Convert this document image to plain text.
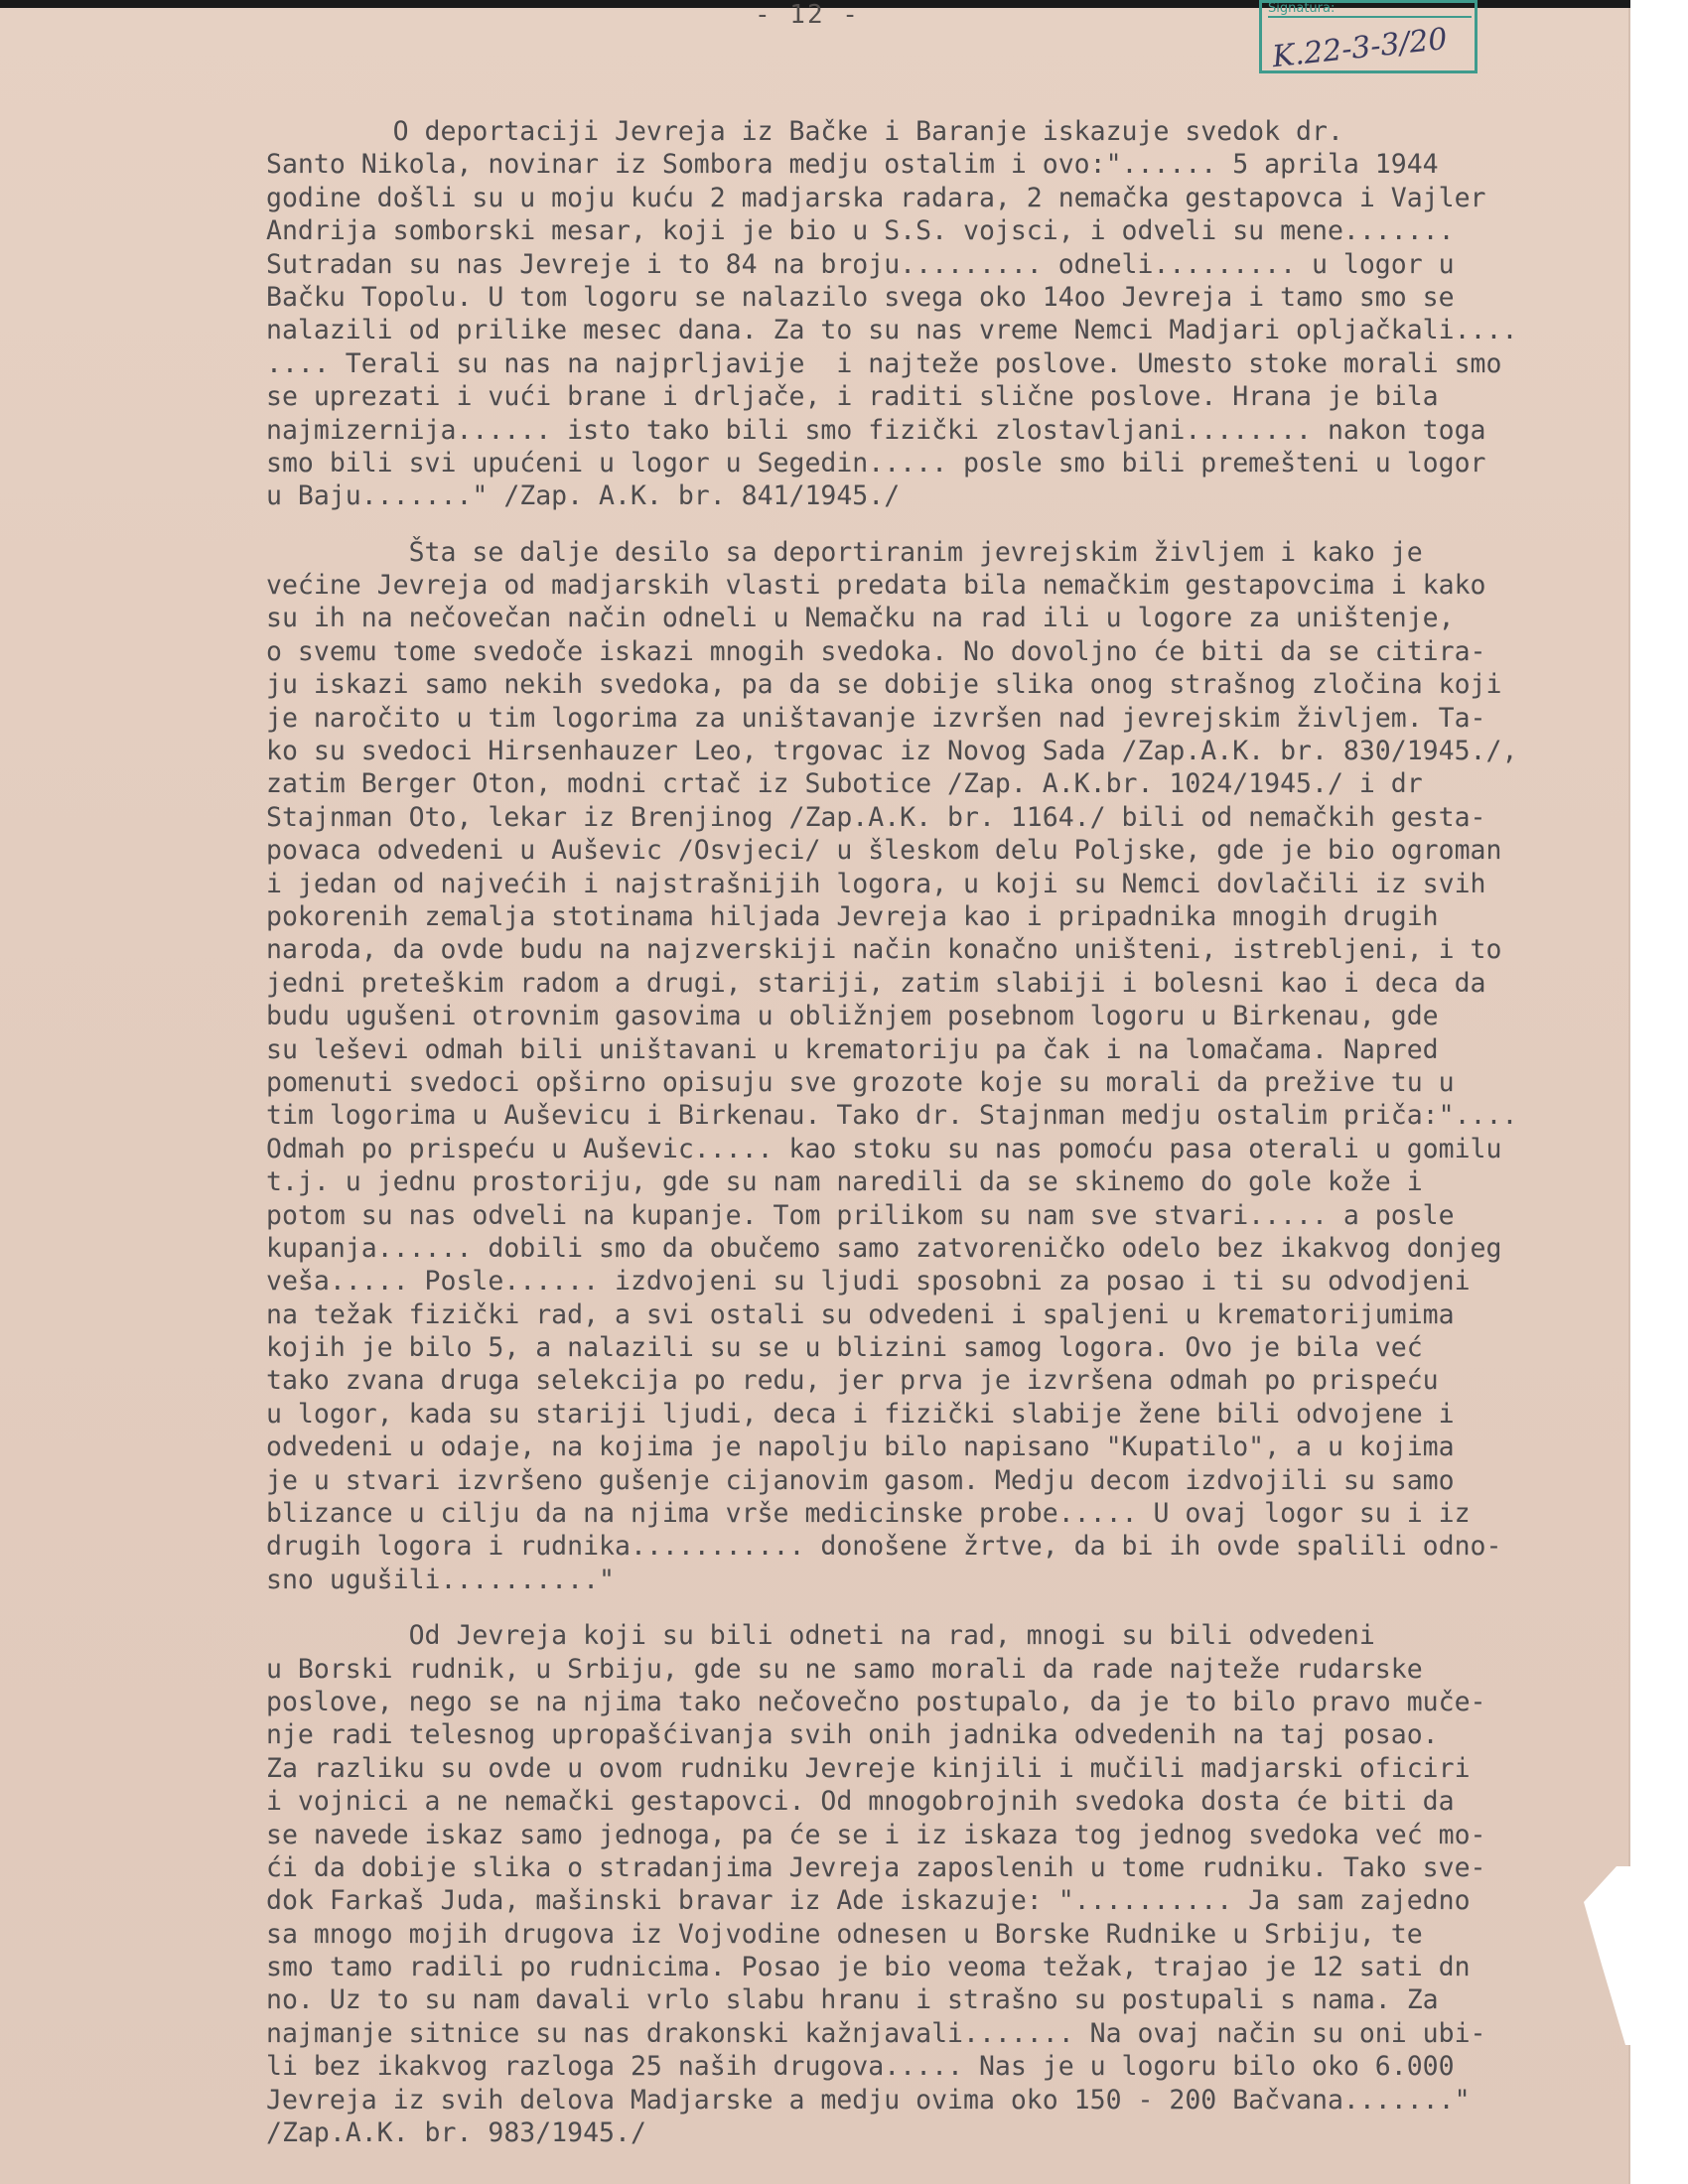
- 12 -	Signatura:
K.22-3-3/20
O deportaciji Jevreja iz Bačke i Baranje iskazuje svedok dr.
Santo Nikola, novinar iz Sombora medju ostalim i ovo:"...... 5 aprila 1944
godine došli su u moju kuću 2 madjarska radara, 2 nemačka gestapovca i Vajler
Andrija somborski mesar, koji je bio u S.S. vojsci, i odveli su mene.......
Sutradan su nas Jevreje i to 84 na broju......... odneli......... u logor u
Bačku Topolu. U tom logoru se nalazilo svega oko 14oo Jevreja i tamo smo se
nalazili od prilike mesec dana. Za to su nas vreme Nemci Madjari opljačkali....
.... Terali su nas na najprljavije  i najteže poslove. Umesto stoke morali smo
se uprezati i vući brane i drljače, i raditi slične poslove. Hrana je bila
najmizernija...... isto tako bili smo fizički zlostavljani........ nakon toga
smo bili svi upućeni u logor u Segedin..... posle smo bili premešteni u logor
u Baju......." /Zap. A.K. br. 841/1945./
Šta se dalje desilo sa deportiranim jevrejskim življem i kako je
većine Jevreja od madjarskih vlasti predata bila nemačkim gestapovcima i kako
su ih na nečovečan način odneli u Nemačku na rad ili u logore za uništenje,
o svemu tome svedoče iskazi mnogih svedoka. No dovoljno će biti da se citira-
ju iskazi samo nekih svedoka, pa da se dobije slika onog strašnog zločina koji
je naročito u tim logorima za uništavanje izvršen nad jevrejskim življem. Ta-
ko su svedoci Hirsenhauzer Leo, trgovac iz Novog Sada /Zap.A.K. br. 830/1945./,
zatim Berger Oton, modni crtač iz Subotice /Zap. A.K.br. 1024/1945./ i dr
Stajnman Oto, lekar iz Brenjinog /Zap.A.K. br. 1164./ bili od nemačkih gesta-
povaca odvedeni u Auševic /Osvjeci/ u šleskom delu Poljske, gde je bio ogroman
i jedan od najvećih i najstrašnijih logora, u koji su Nemci dovlačili iz svih
pokorenih zemalja stotinama hiljada Jevreja kao i pripadnika mnogih drugih
naroda, da ovde budu na najzverskiji način konačno uništeni, istrebljeni, i to
jedni preteškim radom a drugi, stariji, zatim slabiji i bolesni kao i deca da
budu ugušeni otrovnim gasovima u obližnjem posebnom logoru u Birkenau, gde
su leševi odmah bili uništavani u krematoriju pa čak i na lomačama. Napred
pomenuti svedoci opširno opisuju sve grozote koje su morali da prežive tu u
tim logorima u Auševicu i Birkenau. Tako dr. Stajnman medju ostalim priča:"....
Odmah po prispeću u Auševic..... kao stoku su nas pomoću pasa oterali u gomilu
t.j. u jednu prostoriju, gde su nam naredili da se skinemo do gole kože i
potom su nas odveli na kupanje. Tom prilikom su nam sve stvari..... a posle
kupanja...... dobili smo da obučemo samo zatvoreničko odelo bez ikakvog donjeg
veša..... Posle...... izdvojeni su ljudi sposobni za posao i ti su odvodjeni
na težak fizički rad, a svi ostali su odvedeni i spaljeni u krematorijumima
kojih je bilo 5, a nalazili su se u blizini samog logora. Ovo je bila već
tako zvana druga selekcija po redu, jer prva je izvršena odmah po prispeću
u logor, kada su stariji ljudi, deca i fizički slabije žene bili odvojene i
odvedeni u odaje, na kojima je napolju bilo napisano "Kupatilo", a u kojima
je u stvari izvršeno gušenje cijanovim gasom. Medju decom izdvojili su samo
blizance u cilju da na njima vrše medicinske probe..... U ovaj logor su i iz
drugih logora i rudnika........... donošene žrtve, da bi ih ovde spalili odno-
sno ugušili.........."
Od Jevreja koji su bili odneti na rad, mnogi su bili odvedeni
u Borski rudnik, u Srbiju, gde su ne samo morali da rade najteže rudarske
poslove, nego se na njima tako nečovečno postupalo, da je to bilo pravo muče-
nje radi telesnog upropašćivanja svih onih jadnika odvedenih na taj posao.
Za razliku su ovde u ovom rudniku Jevreje kinjili i mučili madjarski oficiri
i vojnici a ne nemački gestapovci. Od mnogobrojnih svedoka dosta će biti da
se navede iskaz samo jednoga, pa će se i iz iskaza tog jednog svedoka već mo-
ći da dobije slika o stradanjima Jevreja zaposlenih u tome rudniku. Tako sve-
dok Farkaš Juda, mašinski bravar iz Ade iskazuje: ".......... Ja sam zajedno
sa mnogo mojih drugova iz Vojvodine odnesen u Borske Rudnike u Srbiju, te
smo tamo radili po rudnicima. Posao je bio veoma težak, trajao je 12 sati dn
no. Uz to su nam davali vrlo slabu hranu i strašno su postupali s nama. Za
najmanje sitnice su nas drakonski kažnjavali....... Na ovaj način su oni ubi-
li bez ikakvog razloga 25 naših drugova..... Nas je u logoru bilo oko 6.000
Jevreja iz svih delova Madjarske a medju ovima oko 150 - 200 Bačvana......."
/Zap.A.K. br. 983/1945./
